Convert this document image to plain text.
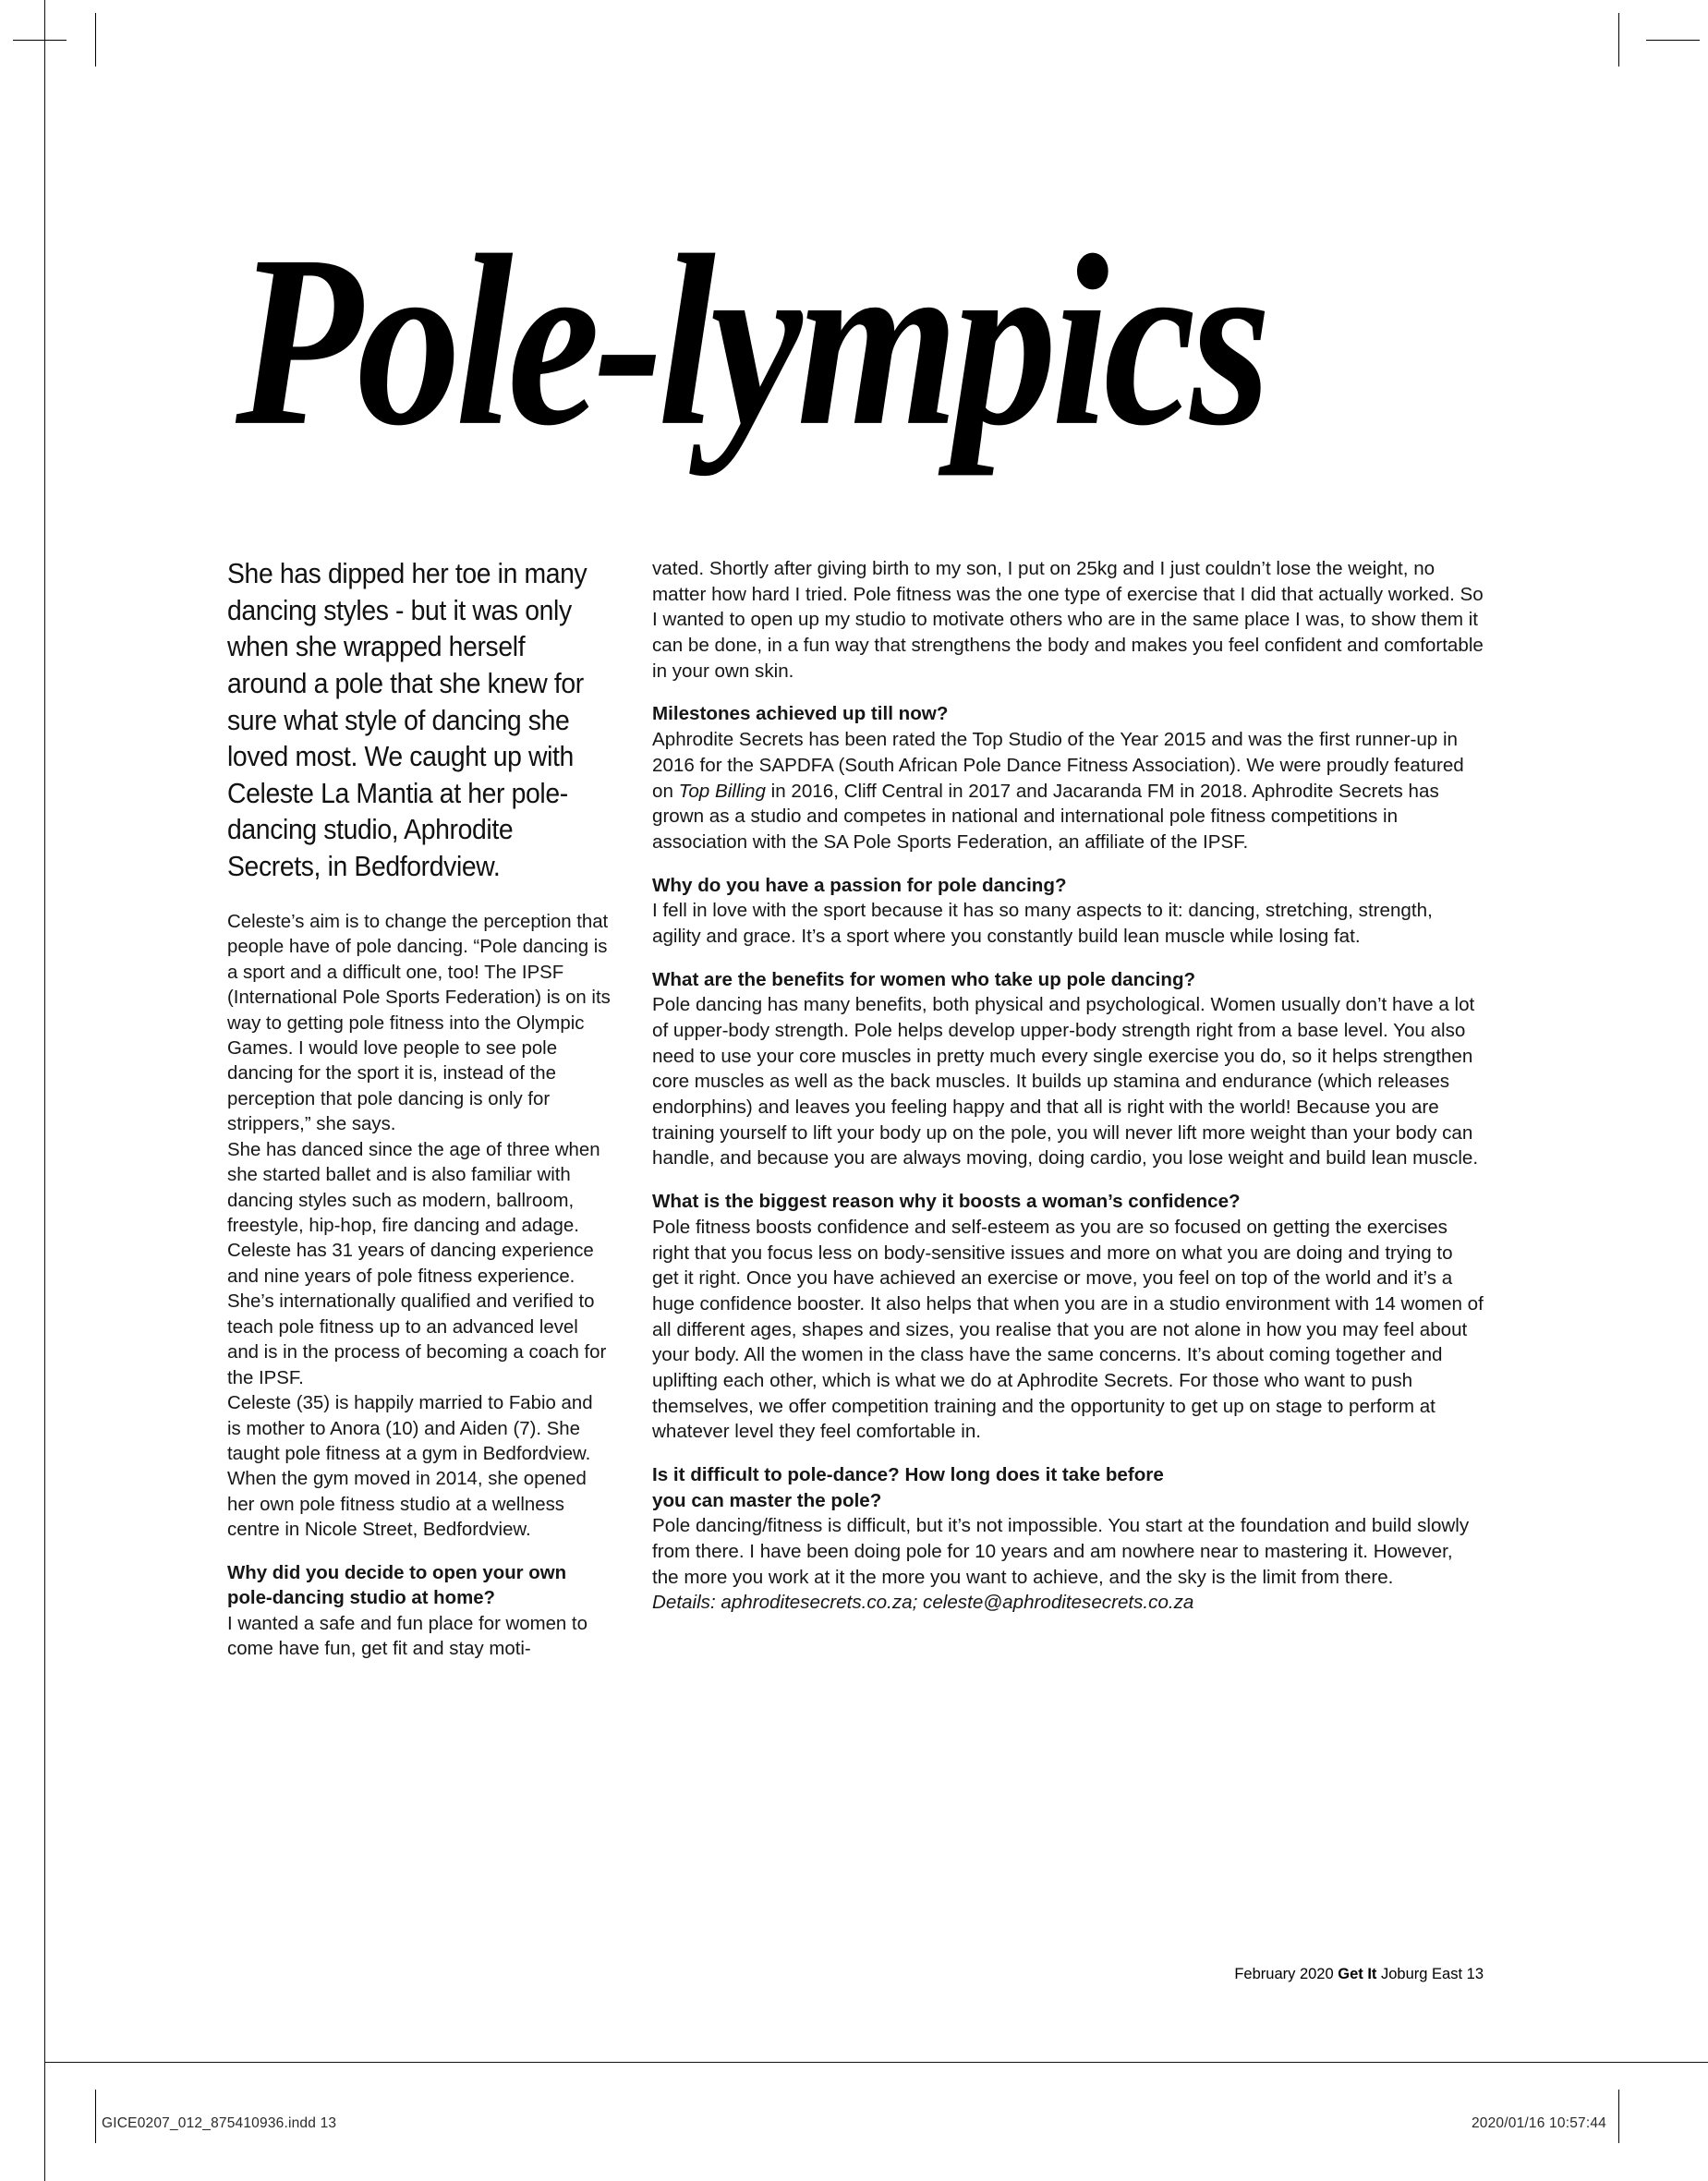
Pole-lympics
She has dipped her toe in many dancing styles - but it was only when she wrapped herself around a pole that she knew for sure what style of dancing she loved most. We caught up with Celeste La Mantia at her pole-dancing studio, Aphrodite Secrets, in Bedfordview.

Celeste’s aim is to change the perception that people have of pole dancing. “Pole dancing is a sport and a difficult one, too! The IPSF (International Pole Sports Federation) is on its way to getting pole fitness into the Olympic Games. I would love people to see pole dancing for the sport it is, instead of the perception that pole dancing is only for strippers,” she says.

She has danced since the age of three when she started ballet and is also familiar with dancing styles such as modern, ballroom, freestyle, hip-hop, fire dancing and adage. Celeste has 31 years of dancing experience and nine years of pole fitness experience. She’s internationally qualified and verified to teach pole fitness up to an advanced level and is in the process of becoming a coach for the IPSF.

Celeste (35) is happily married to Fabio and is mother to Anora (10) and Aiden (7). She taught pole fitness at a gym in Bedfordview. When the gym moved in 2014, she opened her own pole fitness studio at a wellness centre in Nicole Street, Bedfordview.

Why did you decide to open your own

pole-dancing studio at home?

I wanted a safe and fun place for women to come have fun, get fit and stay moti-

vated. Shortly after giving birth to my son, I put on 25kg and I just couldn’t lose the weight, no matter how hard I tried. Pole fitness was the one type of exercise that I did that actually worked. So I wanted to open up my studio to motivate others who are in the same place I was, to show them it can be done, in a fun way that strengthens the body and makes you feel confident and comfortable in your own skin.

Milestones achieved up till now?

Aphrodite Secrets has been rated the Top Studio of the Year 2015 and was the first runner-up in 2016 for the SAPDFA (South African Pole Dance Fitness Association). We were proudly featured on Top Billing in 2016, Cliff Central in 2017 and Jacaranda FM in 2018. Aphrodite Secrets has grown as a studio and competes in national and international pole fitness competitions in association with the SA Pole Sports Federation, an affiliate of the IPSF.

Why do you have a passion for pole dancing?

I fell in love with the sport because it has so many aspects to it: dancing, stretching, strength, agility and grace. It’s a sport where you constantly build lean muscle while losing fat.

What are the benefits for women who take up pole dancing?

Pole dancing has many benefits, both physical and psychological. Women usually don’t have a lot of upper-body strength. Pole helps develop upper-body strength right from a base level. You also need to use your core muscles in pretty much every single exercise you do, so it helps strengthen core muscles as well as the back muscles. It builds up stamina and endurance (which releases endorphins) and leaves you feeling happy and that all is right with the world! Because you are training yourself to lift your body up on the pole, you will never lift more weight than your body can handle, and because you are always moving, doing cardio, you lose weight and build lean muscle.

What is the biggest reason why it boosts a woman’s confidence?

Pole fitness boosts confidence and self-esteem as you are so focused on getting the exercises right that you focus less on body-sensitive issues and more on what you are doing and trying to get it right. Once you have achieved an exercise or move, you feel on top of the world and it’s a huge confidence booster. It also helps that when you are in a studio environment with 14 women of all different ages, shapes and sizes, you realise that you are not alone in how you may feel about your body. All the women in the class have the same concerns. It’s about coming together and uplifting each other, which is what we do at Aphrodite Secrets. For those who want to push themselves, we offer competition training and the opportunity to get up on stage to perform at whatever level they feel comfortable in.

Is it difficult to pole-dance? How long does it take before

you can master the pole?

Pole dancing/fitness is difficult, but it’s not impossible. You start at the foundation and build slowly from there. I have been doing pole for 10 years and am nowhere near to mastering it. However, the more you work at it the more you want to achieve, and the sky is the limit from there.

Details: aphroditesecrets.co.za; celeste@aphroditesecrets.co.za

February 2020 Get It Joburg East 13
GICE0207_012_875410936.indd 13	2020/01/16 10:57:44
